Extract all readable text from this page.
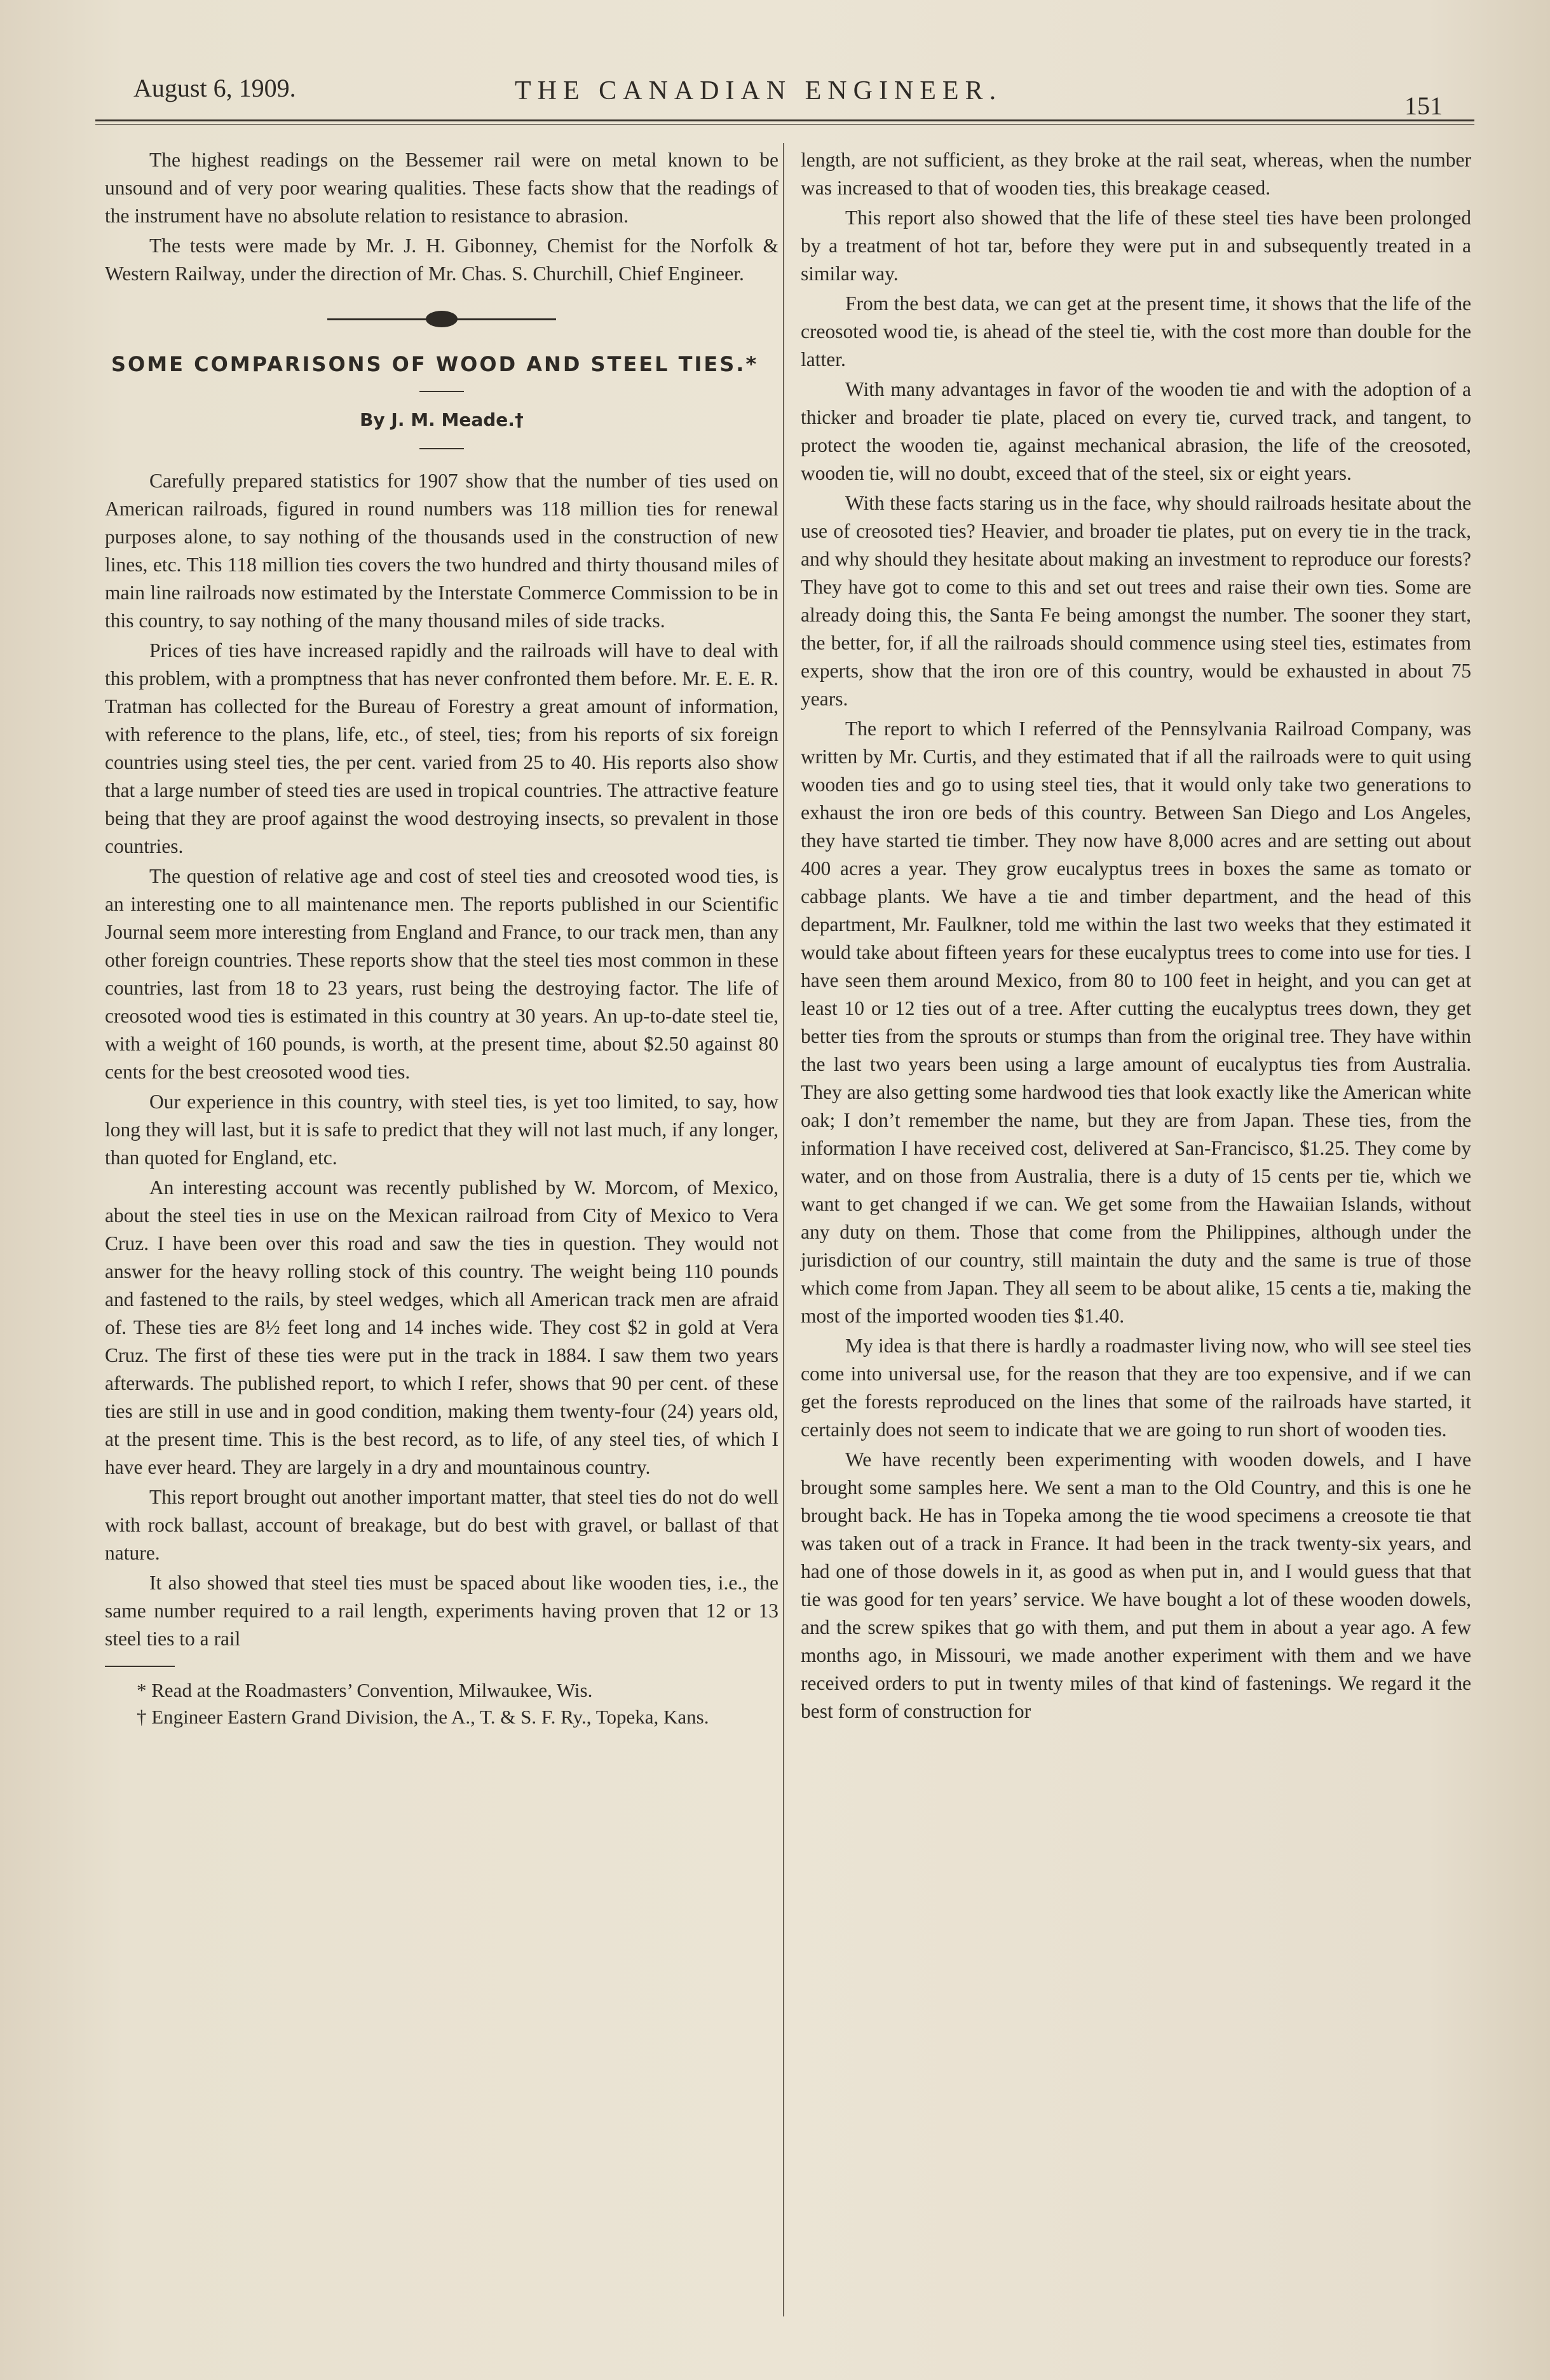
August 6, 1909.	THE CANADIAN ENGINEER.
151

The highest readings on the Bessemer rail were on metal known to be unsound and of very poor wearing qualities. These facts show that the readings of the instrument have no absolute relation to resistance to abrasion.

The tests were made by Mr. J. H. Gibonney, Chemist for the Norfolk & Western Railway, under the direction of Mr. Chas. S. Churchill, Chief Engineer.

SOME COMPARISONS OF WOOD AND STEEL TIES.*
By J. M. Meade.†

Carefully prepared statistics for 1907 show that the number of ties used on American railroads, figured in round numbers was 118 million ties for renewal purposes alone, to say nothing of the thousands used in the construction of new lines, etc. This 118 million ties covers the two hundred and thirty thousand miles of main line railroads now estimated by the Interstate Commerce Commission to be in this country, to say nothing of the many thousand miles of side tracks.

Prices of ties have increased rapidly and the railroads will have to deal with this problem, with a promptness that has never confronted them before. Mr. E. E. R. Tratman has collected for the Bureau of Forestry a great amount of information, with reference to the plans, life, etc., of steel, ties; from his reports of six foreign countries using steel ties, the per cent. varied from 25 to 40. His reports also show that a large number of steed ties are used in tropical countries. The attractive feature being that they are proof against the wood destroying insects, so prevalent in those countries.

The question of relative age and cost of steel ties and creosoted wood ties, is an interesting one to all maintenance men. The reports published in our Scientific Journal seem more interesting from England and France, to our track men, than any other foreign countries. These reports show that the steel ties most common in these countries, last from 18 to 23 years, rust being the destroying factor. The life of creosoted wood ties is estimated in this country at 30 years. An up-to-date steel tie, with a weight of 160 pounds, is worth, at the present time, about $2.50 against 80 cents for the best creosoted wood ties.

Our experience in this country, with steel ties, is yet too limited, to say, how long they will last, but it is safe to predict that they will not last much, if any longer, than quoted for England, etc.

An interesting account was recently published by W. Morcom, of Mexico, about the steel ties in use on the Mexican railroad from City of Mexico to Vera Cruz. I have been over this road and saw the ties in question. They would not answer for the heavy rolling stock of this country. The weight being 110 pounds and fastened to the rails, by steel wedges, which all American track men are afraid of. These ties are 8½ feet long and 14 inches wide. They cost $2 in gold at Vera Cruz. The first of these ties were put in the track in 1884. I saw them two years afterwards. The published report, to which I refer, shows that 90 per cent. of these ties are still in use and in good condition, making them twenty-four (24) years old, at the present time. This is the best record, as to life, of any steel ties, of which I have ever heard. They are largely in a dry and mountainous country.

This report brought out another important matter, that steel ties do not do well with rock ballast, account of breakage, but do best with gravel, or ballast of that nature.

It also showed that steel ties must be spaced about like wooden ties, i.e., the same number required to a rail length, experiments having proven that 12 or 13 steel ties to a rail

* Read at the Roadmasters’ Convention, Milwaukee, Wis.

† Engineer Eastern Grand Division, the A., T. & S. F. Ry., Topeka, Kans.

length, are not sufficient, as they broke at the rail seat, whereas, when the number was increased to that of wooden ties, this breakage ceased.

This report also showed that the life of these steel ties have been prolonged by a treatment of hot tar, before they were put in and subsequently treated in a similar way.

From the best data, we can get at the present time, it shows that the life of the creosoted wood tie, is ahead of the steel tie, with the cost more than double for the latter.

With many advantages in favor of the wooden tie and with the adoption of a thicker and broader tie plate, placed on every tie, curved track, and tangent, to protect the wooden tie, against mechanical abrasion, the life of the creosoted, wooden tie, will no doubt, exceed that of the steel, six or eight years.

With these facts staring us in the face, why should railroads hesitate about the use of creosoted ties? Heavier, and broader tie plates, put on every tie in the track, and why should they hesitate about making an investment to reproduce our forests? They have got to come to this and set out trees and raise their own ties. Some are already doing this, the Santa Fe being amongst the number. The sooner they start, the better, for, if all the railroads should commence using steel ties, estimates from experts, show that the iron ore of this country, would be exhausted in about 75 years.

The report to which I referred of the Pennsylvania Railroad Company, was written by Mr. Curtis, and they estimated that if all the railroads were to quit using wooden ties and go to using steel ties, that it would only take two generations to exhaust the iron ore beds of this country. Between San Diego and Los Angeles, they have started tie timber. They now have 8,000 acres and are setting out about 400 acres a year. They grow eucalyptus trees in boxes the same as tomato or cabbage plants. We have a tie and timber department, and the head of this department, Mr. Faulkner, told me within the last two weeks that they estimated it would take about fifteen years for these eucalyptus trees to come into use for ties. I have seen them around Mexico, from 80 to 100 feet in height, and you can get at least 10 or 12 ties out of a tree. After cutting the eucalyptus trees down, they get better ties from the sprouts or stumps than from the original tree. They have within the last two years been using a large amount of eucalyptus ties from Australia. They are also getting some hardwood ties that look exactly like the American white oak; I don’t remember the name, but they are from Japan. These ties, from the information I have received cost, delivered at San-Francisco, $1.25. They come by water, and on those from Australia, there is a duty of 15 cents per tie, which we want to get changed if we can. We get some from the Hawaiian Islands, without any duty on them. Those that come from the Philippines, although under the jurisdiction of our country, still maintain the duty and the same is true of those which come from Japan. They all seem to be about alike, 15 cents a tie, making the most of the imported wooden ties $1.40.

My idea is that there is hardly a roadmaster living now, who will see steel ties come into universal use, for the reason that they are too expensive, and if we can get the forests reproduced on the lines that some of the railroads have started, it certainly does not seem to indicate that we are going to run short of wooden ties.

We have recently been experimenting with wooden dowels, and I have brought some samples here. We sent a man to the Old Country, and this is one he brought back. He has in Topeka among the tie wood specimens a creosote tie that was taken out of a track in France. It had been in the track twenty-six years, and had one of those dowels in it, as good as when put in, and I would guess that that tie was good for ten years’ service. We have bought a lot of these wooden dowels, and the screw spikes that go with them, and put them in about a year ago. A few months ago, in Missouri, we made another experiment with them and we have received orders to put in twenty miles of that kind of fastenings. We regard it the best form of construction for
